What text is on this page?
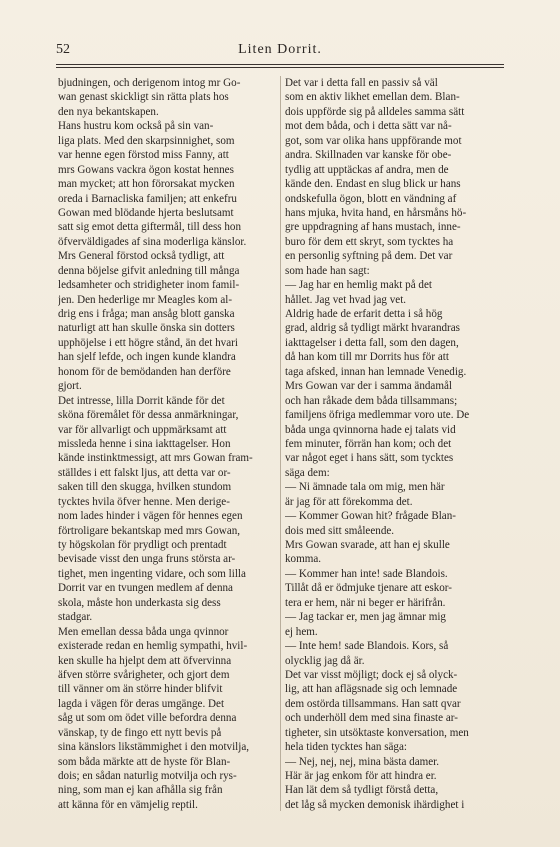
52	Liten Dorrit.
bjudningen, och derigenom intog mr Go-
wan genast skickligt sin rätta plats hos
den nya bekantskapen.
Hans hustru kom också på sin van-
liga plats. Med den skarpsinnighet, som
var henne egen förstod miss Fanny, att
mrs Gowans vackra ögon kostat hennes
man mycket; att hon förorsakat mycken
oreda i Barnacliska familjen; att enkefru
Gowan med blödande hjerta beslutsamt
satt sig emot detta giftermål, till dess hon
öfverväldigades af sina moderliga känslor.
Mrs General förstod också tydligt, att
denna böjelse gifvit anledning till många
ledsamheter och stridigheter inom famil-
jen. Den hederlige mr Meagles kom al-
drig ens i fråga; man ansåg blott ganska
naturligt att han skulle önska sin dotters
upphöjelse i ett högre stånd, än det hvari
han sjelf lefde, och ingen kunde klandra
honom för de bemödanden han derföre
gjort.
Det intresse, lilla Dorrit kände för det
sköna föremålet för dessa anmärkningar,
var för allvarligt och uppmärksamt att
missleda henne i sina iakttagelser. Hon
kände instinktmessigt, att mrs Gowan fram-
ställdes i ett falskt ljus, att detta var or-
saken till den skugga, hvilken stundom
tycktes hvila öfver henne. Men derige-
nom lades hinder i vägen för hennes egen
förtroligare bekantskap med mrs Gowan,
ty högskolan för prydligt och prentadt
bevisade visst den unga fruns största ar-
tighet, men ingenting vidare, och som lilla
Dorrit var en tvungen medlem af denna
skola, måste hon underkasta sig dess
stadgar.
Men emellan dessa båda unga qvinnor
existerade redan en hemlig sympathi, hvil-
ken skulle ha hjelpt dem att öfvervinna
äfven större svårigheter, och gjort dem
till vänner om än större hinder blifvit
lagda i vägen för deras umgänge. Det
såg ut som om ödet ville befordra denna
vänskap, ty de fingo ett nytt bevis på
sina känslors likstämmighet i den motvilja,
som båda märkte att de hyste för Blan-
dois; en sådan naturlig motvilja och rys-
ning, som man ej kan afhålla sig från
att känna för en vämjelig reptil.
Det var i detta fall en passiv så väl
som en aktiv likhet emellan dem. Blan-
dois uppförde sig på alldeles samma sätt
mot dem båda, och i detta sätt var nå-
got, som var olika hans uppförande mot
andra. Skillnaden var kanske för obe-
tydlig att upptäckas af andra, men de
kände den. Endast en slug blick ur hans
ondskefulla ögon, blott en vändning af
hans mjuka, hvita hand, en hårsmåns hö-
gre uppdragning af hans mustach, inne-
buro för dem ett skryt, som tycktes ha
en personlig syftning på dem. Det var
som hade han sagt:
— Jag har en hemlig makt på det
hållet. Jag vet hvad jag vet.
Aldrig hade de erfarit detta i så hög
grad, aldrig så tydligt märkt hvarandras
iakttagelser i detta fall, som den dagen,
då han kom till mr Dorrits hus för att
taga afsked, innan han lemnade Venedig.
Mrs Gowan var der i samma ändamål
och han råkade dem båda tillsammans;
familjens öfriga medlemmar voro ute. De
båda unga qvinnorna hade ej talats vid
fem minuter, förrän han kom; och det
var något eget i hans sätt, som tycktes
säga dem:
— Ni ämnade tala om mig, men här
är jag för att förekomma det.
— Kommer Gowan hit? frågade Blan-
dois med sitt småleende.
Mrs Gowan svarade, att han ej skulle
komma.
— Kommer han inte! sade Blandois.
Tillåt då er ödmjuke tjenare att eskor-
tera er hem, när ni beger er härifrån.
— Jag tackar er, men jag ämnar mig
ej hem.
— Inte hem! sade Blandois. Kors, så
olycklig jag då är.
Det var visst möjligt; dock ej så olyck-
lig, att han aflägsnade sig och lemnade
dem ostörda tillsammans. Han satt qvar
och underhöll dem med sina finaste ar-
tigheter, sin utsöktaste konversation, men
hela tiden tycktes han säga:
— Nej, nej, nej, mina bästa damer.
Här är jag enkom för att hindra er.
Han lät dem så tydligt förstå detta,
det låg så mycken demonisk ihärdighet i
